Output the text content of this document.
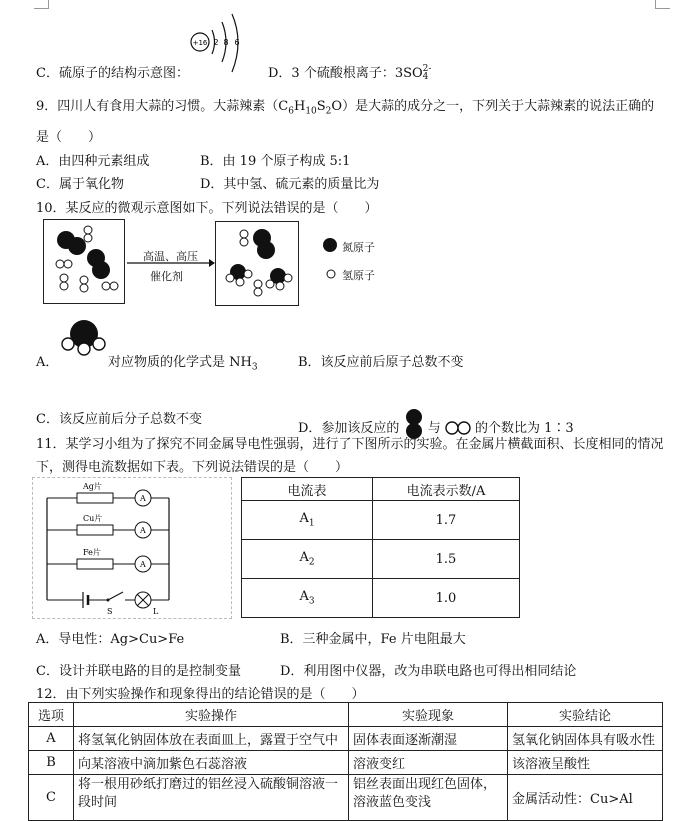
C．硫原子的结构示意图：
+16 2 8 6
D．3 个硫酸根离子：3SO 2-
4
9．四川人有食用大蒜的习惯。大蒜辣素$(C_6H_{10}S_2O)$是大蒜的成分之一，下列关于大蒜辣素的说法正确的
是（　　）
A．由四种元素组成	B．由 19 个原子构成 5:1
C．属于氧化物	D．其中氢、硫元素的质量比为
10．某反应的微观示意图如下。下列说法错误的是（　　）
高温、高压
催化剂
氮原子
氢原子
A．	对应物质的化学式是 $NH_3$	B．该反应前后原子总数不变
C．该反应前后分子总数不变
D．参加该反应的 与	的个数比为 1∶3
11．某学习小组为了探究不同金属导电性强弱，进行了下图所示的实验。在金属片横截面积、长度相同的情况
下，测得电流数据如下表。下列说法错误的是（　　）
Ag片
Cu片
Fe片
A
A
A
S	L
电流表	电流表示数/A
$A_1$	1.7
$A_2$	1.5
$A_3$	1.0
A．导电性：Ag>Cu>Fe	B．三种金属中，Fe 片电阻最大
C．设计并联电路的目的是控制变量	D．利用图中仪器，改为串联电路也可得出相同结论
12．由下列实验操作和现象得出的结论错误的是（　　）
选项	实验操作	实验现象	实验结论
A	将氢氧化钠固体放在表面皿上，露置于空气中	固体表面逐渐潮湿	氢氧化钠固体具有吸水性
B	向某溶液中滴加紫色石蕊溶液	溶液变红	该溶液呈酸性
C	将一根用砂纸打磨过的铝丝浸入硫酸铜溶液一段时间	铝丝表面出现红色固体，溶液蓝色变浅	金属活动性：Cu>Al
